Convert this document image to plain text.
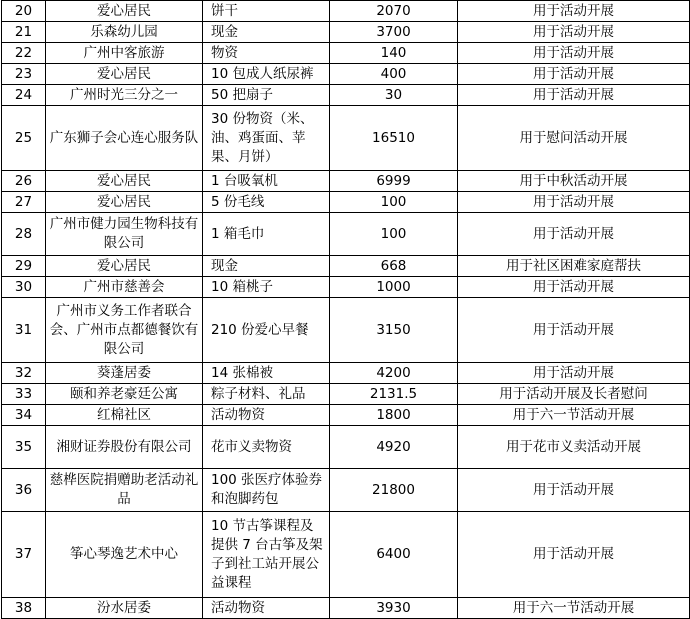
20	爱心居民	饼干	2070	用于活动开展
21	乐森幼儿园	现金	3700	用于活动开展
22	广州中客旅游	物资	140	用于活动开展
23	爱心居民	10 包成人纸尿裤	400	用于活动开展
24	广州时光三分之一	50 把扇子	30	用于活动开展
25	广东狮子会心连心服务队	30 份物资（米、油、鸡蛋面、苹果、月饼）	16510	用于慰问活动开展
26	爱心居民	1 台吸氧机	6999	用于中秋活动开展
27	爱心居民	5 份毛线	100	用于活动开展
28	广州市健力园生物科技有限公司	1 箱毛巾	100	用于活动开展
29	爱心居民	现金	668	用于社区困难家庭帮扶
30	广州市慈善会	10 箱桃子	1000	用于活动开展
31	广州市义务工作者联合会、广州市点都德餐饮有限公司	210 份爱心早餐	3150	用于活动开展
32	葵蓬居委	14 张棉被	4200	用于活动开展
33	颐和养老豪廷公寓	粽子材料、礼品	2131.5	用于活动开展及长者慰问
34	红棉社区	活动物资	1800	用于六一节活动开展
35	湘财证券股份有限公司	花市义卖物资	4920	用于花市义卖活动开展
36	慈桦医院捐赠助老活动礼品	100 张医疗体验券和泡脚药包	21800	用于活动开展
37	筝心琴逸艺术中心	10 节古筝课程及提供 7 台古筝及架子到社工站开展公益课程	6400	用于活动开展
38	汾水居委	活动物资	3930	用于六一节活动开展
